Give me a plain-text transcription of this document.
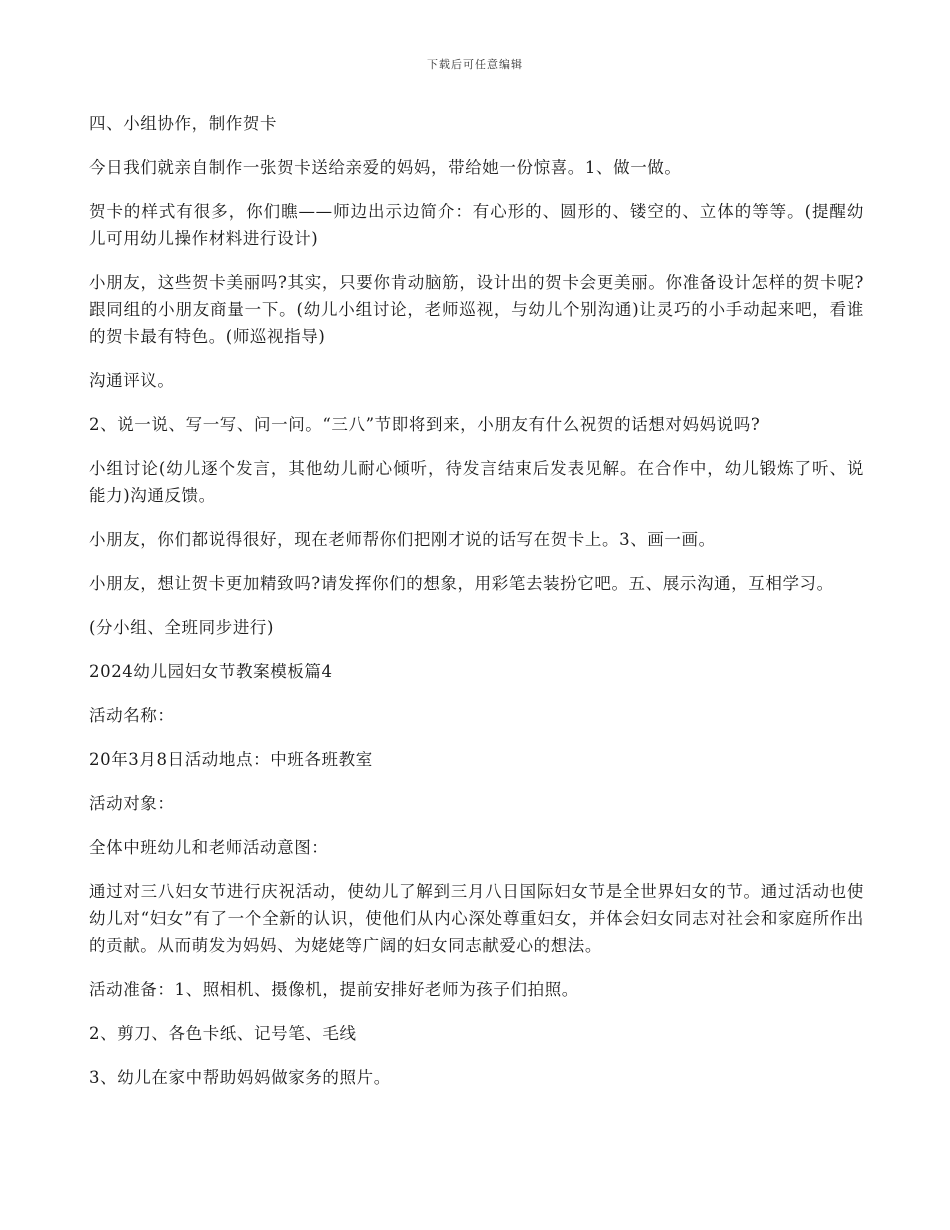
下载后可任意编辑

四、小组协作，制作贺卡

今日我们就亲自制作一张贺卡送给亲爱的妈妈，带给她一份惊喜。1、做一做。

贺卡的样式有很多，你们瞧——师边出示边简介：有心形的、圆形的、镂空的、立体的等等。(提醒幼儿可用幼儿操作材料进行设计)

小朋友，这些贺卡美丽吗?其实，只要你肯动脑筋，设计出的贺卡会更美丽。你准备设计怎样的贺卡呢?跟同组的小朋友商量一下。(幼儿小组讨论，老师巡视，与幼儿个别沟通)让灵巧的小手动起来吧，看谁的贺卡最有特色。(师巡视指导)

沟通评议。

2、说一说、写一写、问一问。“三八”节即将到来，小朋友有什么祝贺的话想对妈妈说吗?

小组讨论(幼儿逐个发言，其他幼儿耐心倾听，待发言结束后发表见解。在合作中，幼儿锻炼了听、说能力)沟通反馈。

小朋友，你们都说得很好，现在老师帮你们把刚才说的话写在贺卡上。3、画一画。

小朋友，想让贺卡更加精致吗?请发挥你们的想象，用彩笔去装扮它吧。五、展示沟通，互相学习。

(分小组、全班同步进行)

2024幼儿园妇女节教案模板篇4

活动名称：

20年3月8日活动地点：中班各班教室

活动对象：

全体中班幼儿和老师活动意图：

通过对三八妇女节进行庆祝活动，使幼儿了解到三月八日国际妇女节是全世界妇女的节。通过活动也使幼儿对“妇女”有了一个全新的认识，使他们从内心深处尊重妇女，并体会妇女同志对社会和家庭所作出的贡献。从而萌发为妈妈、为姥姥等广阔的妇女同志献爱心的想法。

活动准备：1、照相机、摄像机，提前安排好老师为孩子们拍照。

2、剪刀、各色卡纸、记号笔、毛线

3、幼儿在家中帮助妈妈做家务的照片。
